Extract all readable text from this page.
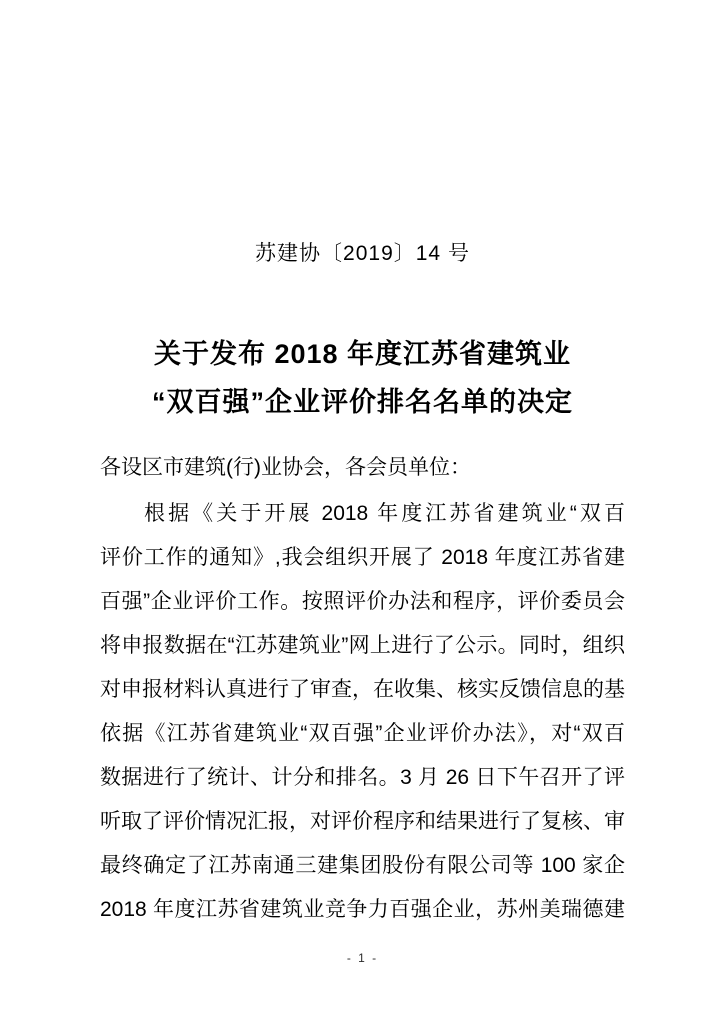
苏建协〔2019〕14 号
关于发布 2018 年度江苏省建筑业
“双百强”企业评价排名名单的决定
各设区市建筑(行)业协会，各会员单位：
根据《关于开展 2018 年度江苏省建筑业“双百
评价工作的通知》,我会组织开展了 2018 年度江苏省建
百强”企业评价工作。按照评价办法和程序，评价委员会
将申报数据在“江苏建筑业”网上进行了公示。同时，组织
对申报材料认真进行了审查，在收集、核实反馈信息的基
依据《江苏省建筑业“双百强”企业评价办法》，对“双百
数据进行了统计、计分和排名。3 月 26 日下午召开了评
听取了评价情况汇报，对评价程序和结果进行了复核、审
最终确定了江苏南通三建集团股份有限公司等 100 家企
2018 年度江苏省建筑业竞争力百强企业，苏州美瑞德建
- 1 -
